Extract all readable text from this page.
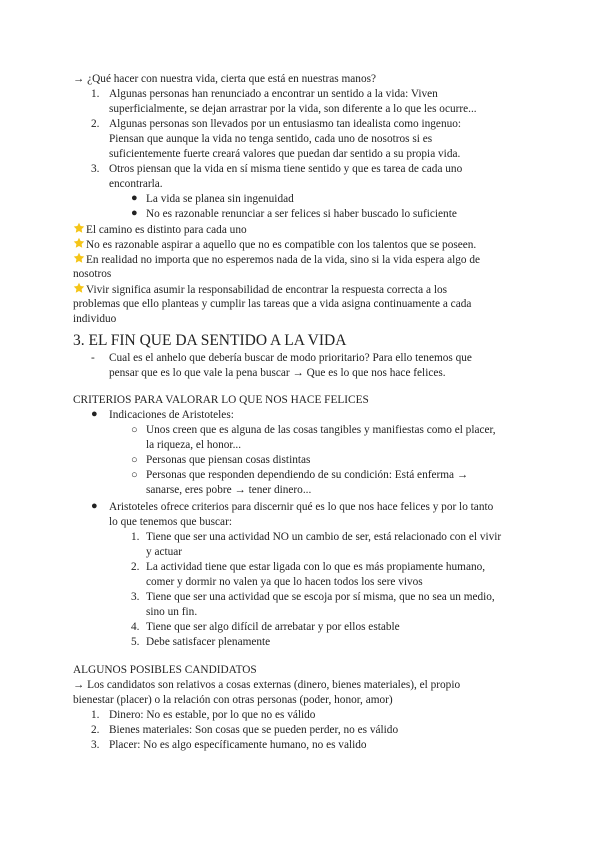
→ ¿Qué hacer con nuestra vida, cierta que está en nuestras manos?
1. Algunas personas han renunciado a encontrar un sentido a la vida: Viven
superficialmente, se dejan arrastrar por la vida, son diferente a lo que les ocurre...
2. Algunas personas son llevados por un entusiasmo tan idealista como ingenuo:
Piensan que aunque la vida no tenga sentido, cada uno de nosotros si es
suficientemente fuerte creará valores que puedan dar sentido a su propia vida.
3. Otros piensan que la vida en sí misma tiene sentido y que es tarea de cada uno
encontrarla.
● La vida se planea sin ingenuidad
● No es razonable renunciar a ser felices si haber buscado lo suficiente
El camino es distinto para cada uno
No es razonable aspirar a aquello que no es compatible con los talentos que se poseen.
En realidad no importa que no esperemos nada de la vida, sino si la vida espera algo de
nosotros
Vivir significa asumir la responsabilidad de encontrar la respuesta correcta a los
problemas que ello planteas y cumplir las tareas que a vida asigna continuamente a cada
individuo
3. EL FIN QUE DA SENTIDO A LA VIDA
- Cual es el anhelo que debería buscar de modo prioritario? Para ello tenemos que
pensar que es lo que vale la pena buscar → Que es lo que nos hace felices.
CRITERIOS PARA VALORAR LO QUE NOS HACE FELICES
● Indicaciones de Aristoteles:
○ Unos creen que es alguna de las cosas tangibles y manifiestas como el placer,
la riqueza, el honor...
○ Personas que piensan cosas distintas
○ Personas que responden dependiendo de su condición: Está enferma →
sanarse, eres pobre → tener dinero...
● Aristoteles ofrece criterios para discernir qué es lo que nos hace felices y por lo tanto
lo que tenemos que buscar:
1. Tiene que ser una actividad NO un cambio de ser, está relacionado con el vivir
y actuar
2. La actividad tiene que estar ligada con lo que es más propiamente humano,
comer y dormir no valen ya que lo hacen todos los sere vivos
3. Tiene que ser una actividad que se escoja por sí misma, que no sea un medio,
sino un fin.
4. Tiene que ser algo difícil de arrebatar y por ellos estable
5. Debe satisfacer plenamente
ALGUNOS POSIBLES CANDIDATOS
→ Los candidatos son relativos a cosas externas (dinero, bienes materiales), el propio
bienestar (placer) o la relación con otras personas (poder, honor, amor)
1. Dinero: No es estable, por lo que no es válido
2. Bienes materiales: Son cosas que se pueden perder, no es válido
3. Placer: No es algo específicamente humano, no es valido
